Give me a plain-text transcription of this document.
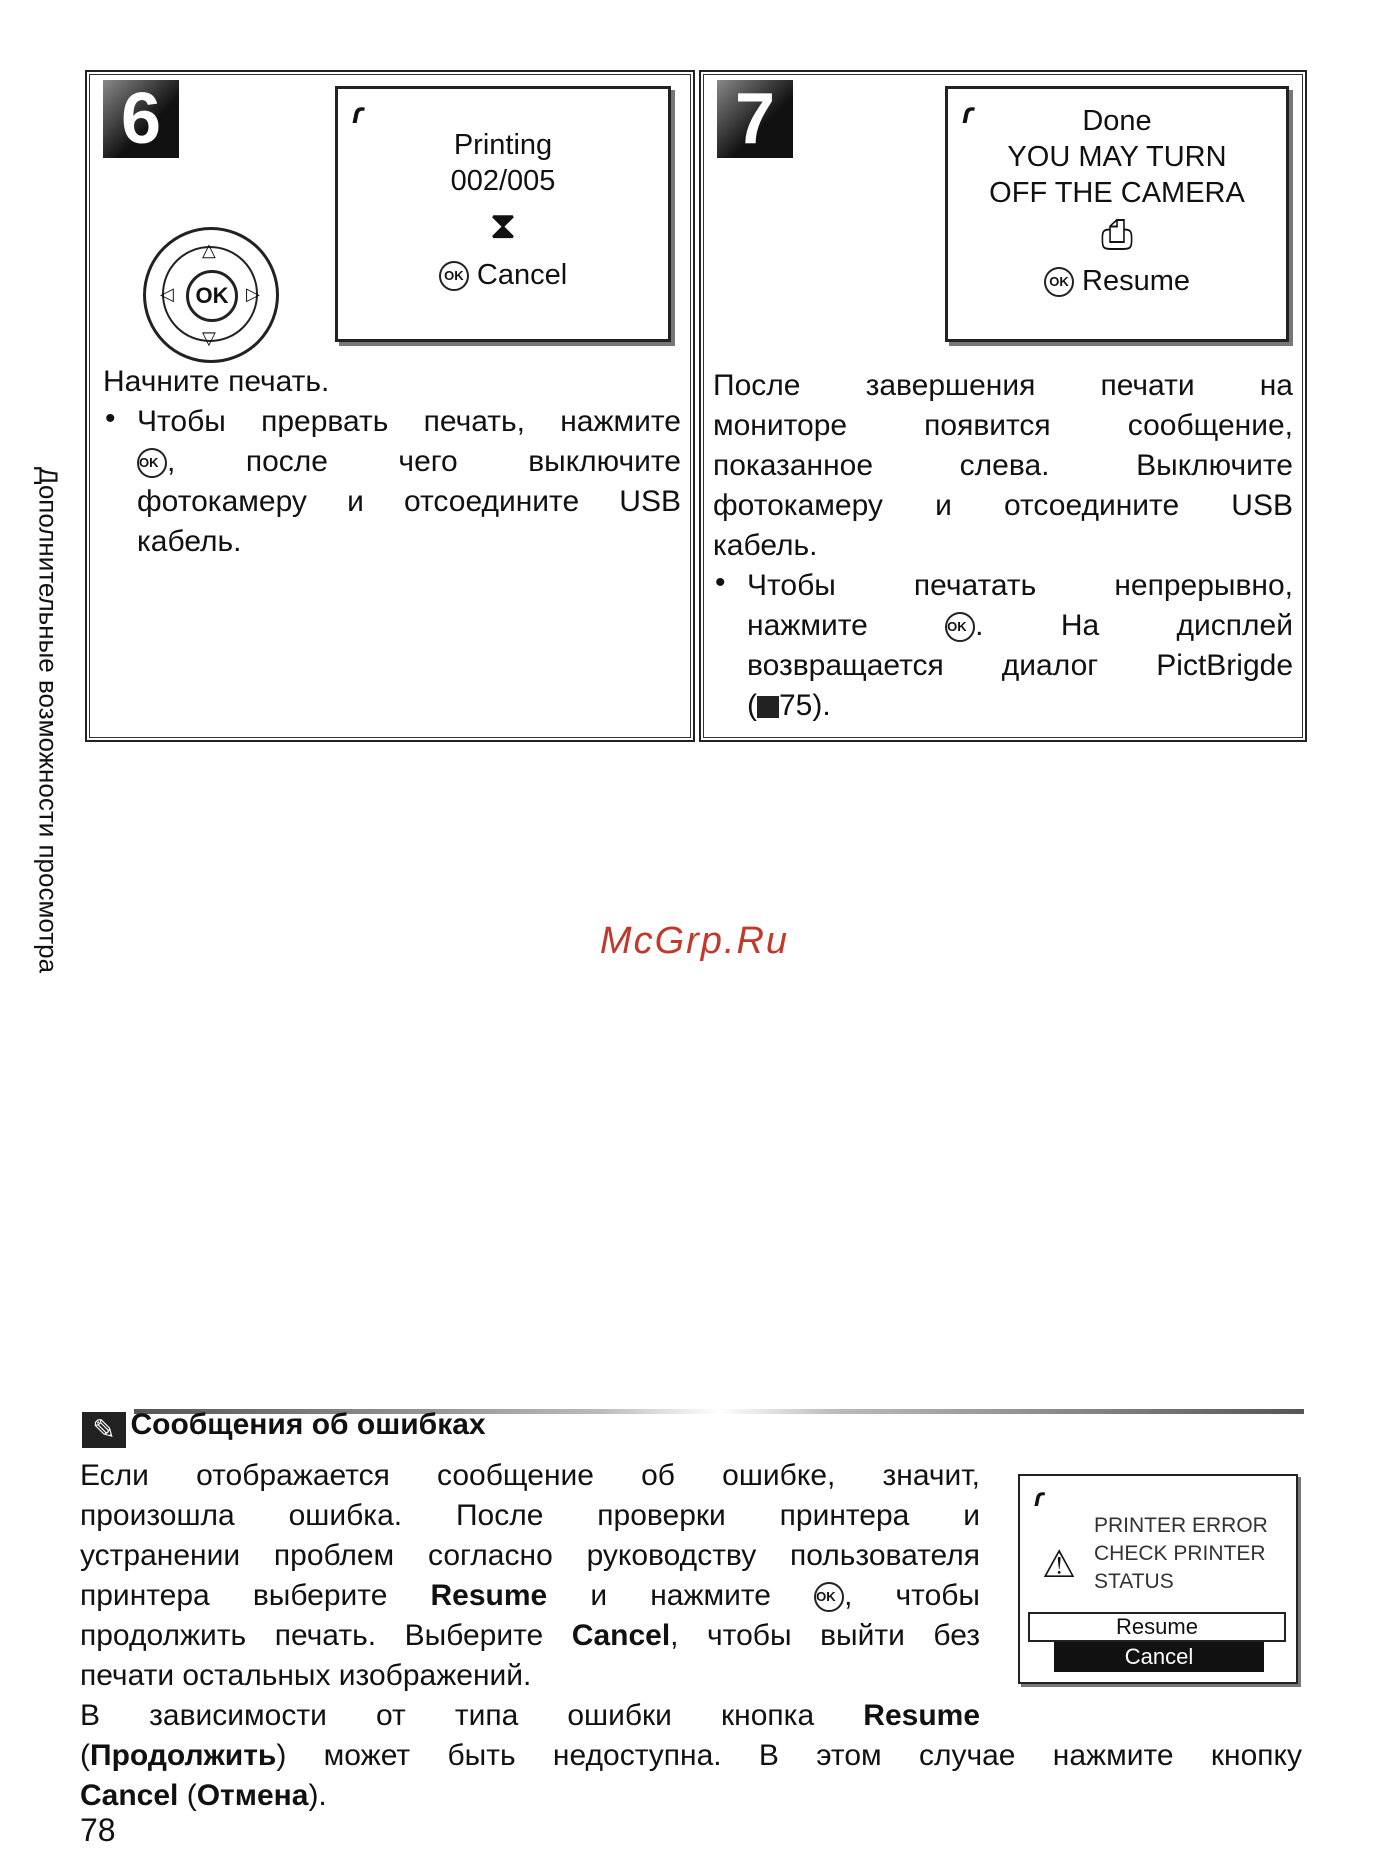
Дополнительные возможности просмотра
6	ɾ
Printing
002/005
⧗
OK Cancel
OK
△
▽
◁	▷
Начните печать.
• Чтобы прервать печать, нажмите
OK , после чего выключите
фотокамеру и отсоедините USB
кабель.
7	ɾ	Done
YOU MAY TURN
OFF THE CAMERA
⎙
OK Resume
После завершения печати на
мониторе появится сообщение,
показанное слева. Выключите
фотокамеру и отсоедините USB
кабель.
• Чтобы печатать непрерывно,
нажмите	OK . На дисплей
возвращается диалог PictBrigde
( 75).
McGrp.Ru
✎ Сообщения об ошибках
Если отображается сообщение об ошибке, значит,
произошла ошибка. После проверки принтера и
устранении проблем согласно руководству пользователя
принтера выберите Resume и нажмите	OK , чтобы
продолжить печать. Выберите Cancel, чтобы выйти без
печати остальных изображений.
В зависимости от типа ошибки кнопка Resume
(Продолжить) может быть недоступна. В этом случае нажмите кнопку
Cancel (Отмена).
ɾ
⚠
PRINTER ERROR
CHECK PRINTER
STATUS
Resume
Cancel
78
